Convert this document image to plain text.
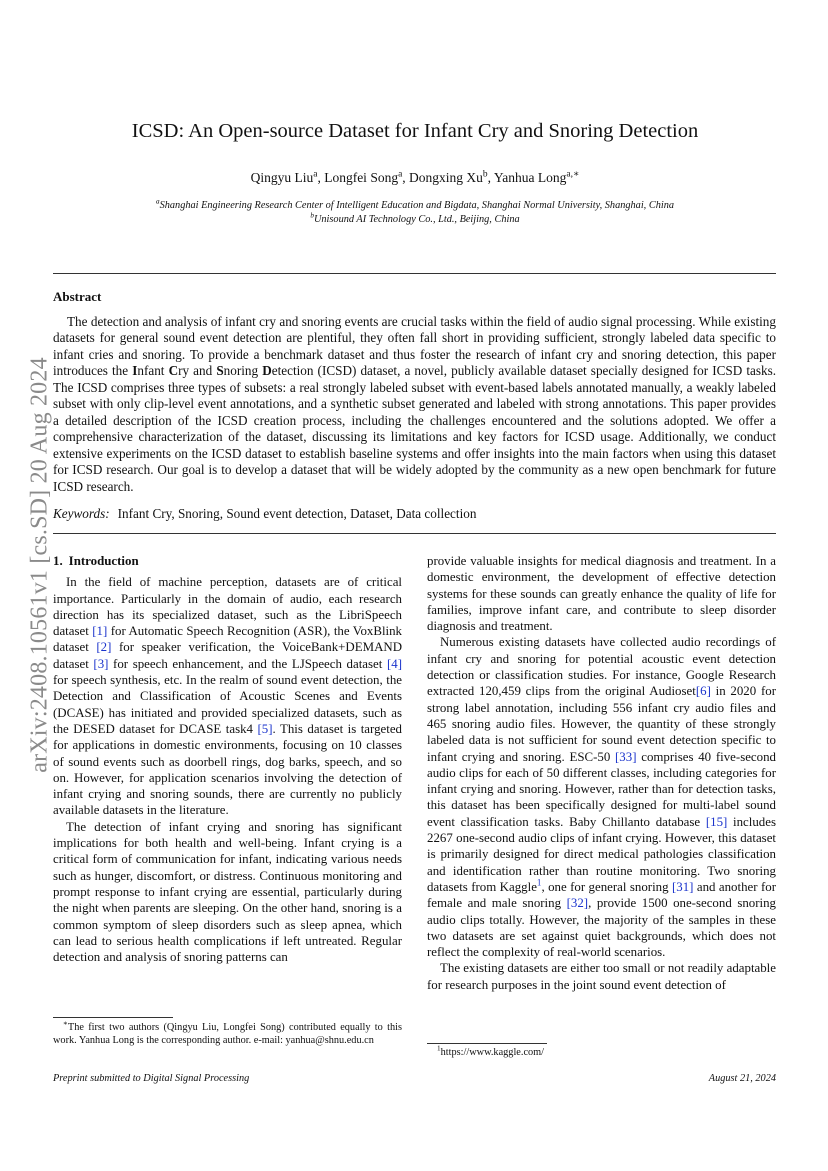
arXiv:2408.10561v1 [cs.SD] 20 Aug 2024
ICSD: An Open-source Dataset for Infant Cry and Snoring Detection
Qingyu Liu$^a$, Longfei Song$^a$, Dongxing Xu$^b$, Yanhua Long$^{a,∗}$
$^a$Shanghai Engineering Research Center of Intelligent Education and Bigdata, Shanghai Normal University, Shanghai, China
$^b$Unisound AI Technology Co., Ltd., Beijing, China
Abstract

The detection and analysis of infant cry and snoring events are crucial tasks within the field of audio signal processing. While existing datasets for general sound event detection are plentiful, they often fall short in providing sufficient, strongly labeled data specific to infant cries and snoring. To provide a benchmark dataset and thus foster the research of infant cry and snoring detection, this paper introduces the Infant Cry and Snoring Detection (ICSD) dataset, a novel, publicly available dataset specially designed for ICSD tasks. The ICSD comprises three types of subsets: a real strongly labeled subset with event-based labels annotated manually, a weakly labeled subset with only clip-level event annotations, and a synthetic subset generated and labeled with strong annotations. This paper provides a detailed description of the ICSD creation process, including the challenges encountered and the solutions adopted. We offer a comprehensive characterization of the dataset, discussing its limitations and key factors for ICSD usage. Additionally, we conduct extensive experiments on the ICSD dataset to establish baseline systems and offer insights into the main factors when using this dataset for ICSD research. Our goal is to develop a dataset that will be widely adopted by the community as a new open benchmark for future ICSD research.

Keywords: Infant Cry, Snoring, Sound event detection, Dataset, Data collection
1. Introduction

In the field of machine perception, datasets are of critical importance. Particularly in the domain of audio, each research direction has its specialized dataset, such as the LibriSpeech dataset [1] for Automatic Speech Recognition (ASR), the VoxBlink dataset [2] for speaker verification, the VoiceBank+DEMAND dataset [3] for speech enhancement, and the LJSpeech dataset [4] for speech synthesis, etc. In the realm of sound event detection, the Detection and Classification of Acoustic Scenes and Events (DCASE) has initiated and provided specialized datasets, such as the DESED dataset for DCASE task4 [5]. This dataset is targeted for applications in domestic environments, focusing on 10 classes of sound events such as doorbell rings, dog barks, speech, and so on. However, for application scenarios involving the detection of infant crying and snoring sounds, there are currently no publicly available datasets in the literature.

The detection of infant crying and snoring has significant implications for both health and well-being. Infant crying is a critical form of communication for infant, indicating various needs such as hunger, discomfort, or distress. Continuous monitoring and prompt response to infant crying are essential, particularly during the night when parents are sleeping. On the other hand, snoring is a common symptom of sleep disorders such as sleep apnea, which can lead to serious health complications if left untreated. Regular detection and analysis of snoring patterns can

provide valuable insights for medical diagnosis and treatment. In a domestic environment, the development of effective detection systems for these sounds can greatly enhance the quality of life for families, improve infant care, and contribute to sleep disorder diagnosis and treatment.

Numerous existing datasets have collected audio recordings of infant cry and snoring for potential acoustic event detection detection or classification studies. For instance, Google Research extracted 120,459 clips from the original Audioset[6] in 2020 for strong label annotation, including 556 infant cry audio files and 465 snoring audio files. However, the quantity of these strongly labeled data is not sufficient for sound event detection specific to infant crying and snoring. ESC-50 [33] comprises 40 five-second audio clips for each of 50 different classes, including categories for infant crying and snoring. However, rather than for detection tasks, this dataset has been specifically designed for multi-label sound event classification tasks. Baby Chillanto database [15] includes 2267 one-second audio clips of infant crying. However, this dataset is primarily designed for direct medical pathologies classification and identification rather than routine monitoring. Two snoring datasets from Kaggle$^1$, one for general snoring [31] and another for female and male snoring [32], provide 1500 one-second snoring audio clips totally. However, the majority of the samples in these two datasets are set against quiet backgrounds, which does not reflect the complexity of real-world scenarios.

The existing datasets are either too small or not readily adaptable for research purposes in the joint sound event detection of

∗The first two authors (Qingyu Liu, Longfei Song) contributed equally to this work. Yanhua Long is the corresponding author. e-mail: yanhua@shnu.edu.cn

$^1$https://www.kaggle.com/

Preprint submitted to Digital Signal Processing	August 21, 2024
